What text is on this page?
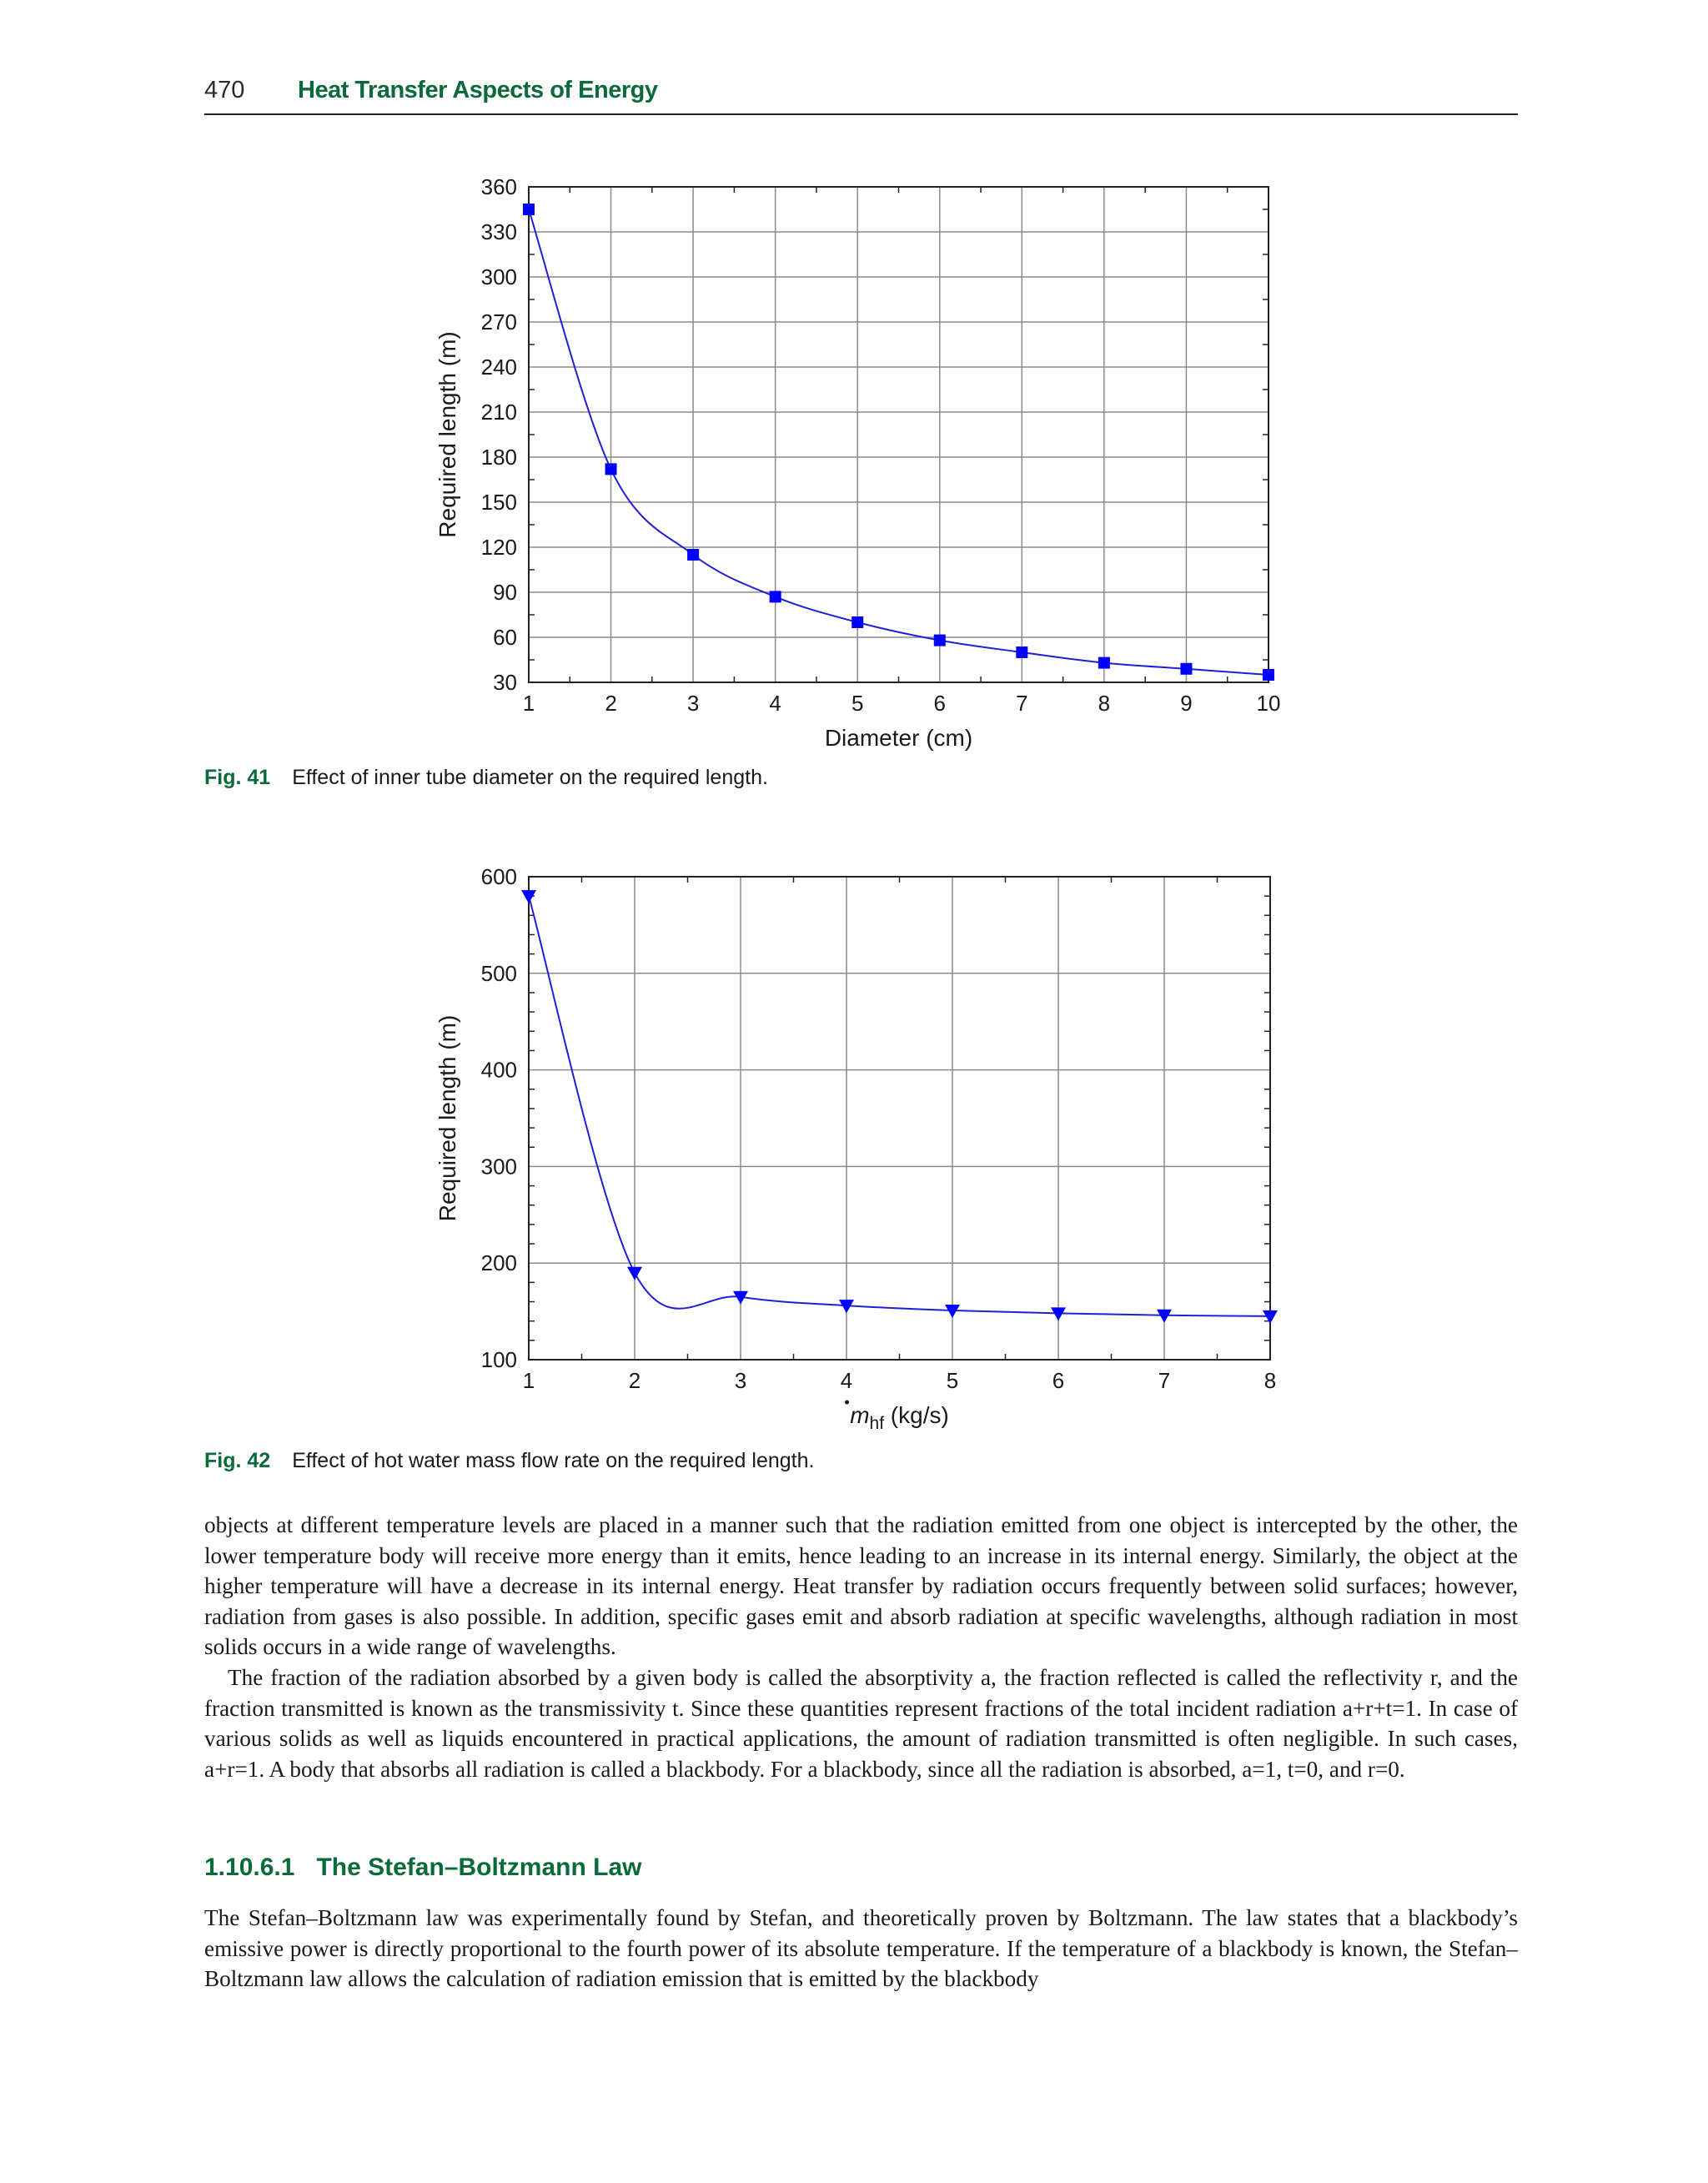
470 Heat Transfer Aspects of Energy
1	2	3	4	5	6	7	8	9	10
30
60
90
120
150
180
210
240
270
300
330
360
Required length (m)
Diameter (cm)
Fig. 41 Effect of inner tube diameter on the required length.
1	2	3	4	5	6	7	8
100
200
300
400
500
600
Required length (m)
$m_{hf}$ (kg/s)
Fig. 42 Effect of hot water mass flow rate on the required length.

objects at different temperature levels are placed in a manner such that the radiation emitted from one object is intercepted by the other, the lower temperature body will receive more energy than it emits, hence leading to an increase in its internal energy. Similarly, the object at the higher temperature will have a decrease in its internal energy. Heat transfer by radiation occurs frequently between solid surfaces; however, radiation from gases is also possible. In addition, specific gases emit and absorb radiation at specific wavelengths, although radiation in most solids occurs in a wide range of wavelengths.

The fraction of the radiation absorbed by a given body is called the absorptivity a, the fraction reflected is called the reflectivity r, and the fraction transmitted is known as the transmissivity t. Since these quantities represent fractions of the total incident radiation a+r+t=1. In case of various solids as well as liquids encountered in practical applications, the amount of radiation transmitted is often negligible. In such cases, a+r=1. A body that absorbs all radiation is called a blackbody. For a blackbody, since all the radiation is absorbed, a=1, t=0, and r=0.

1.10.6.1 The Stefan–Boltzmann Law

The Stefan–Boltzmann law was experimentally found by Stefan, and theoretically proven by Boltzmann. The law states that a blackbody’s emissive power is directly proportional to the fourth power of its absolute temperature. If the temperature of a blackbody is known, the Stefan–Boltzmann law allows the calculation of radiation emission that is emitted by the blackbody
